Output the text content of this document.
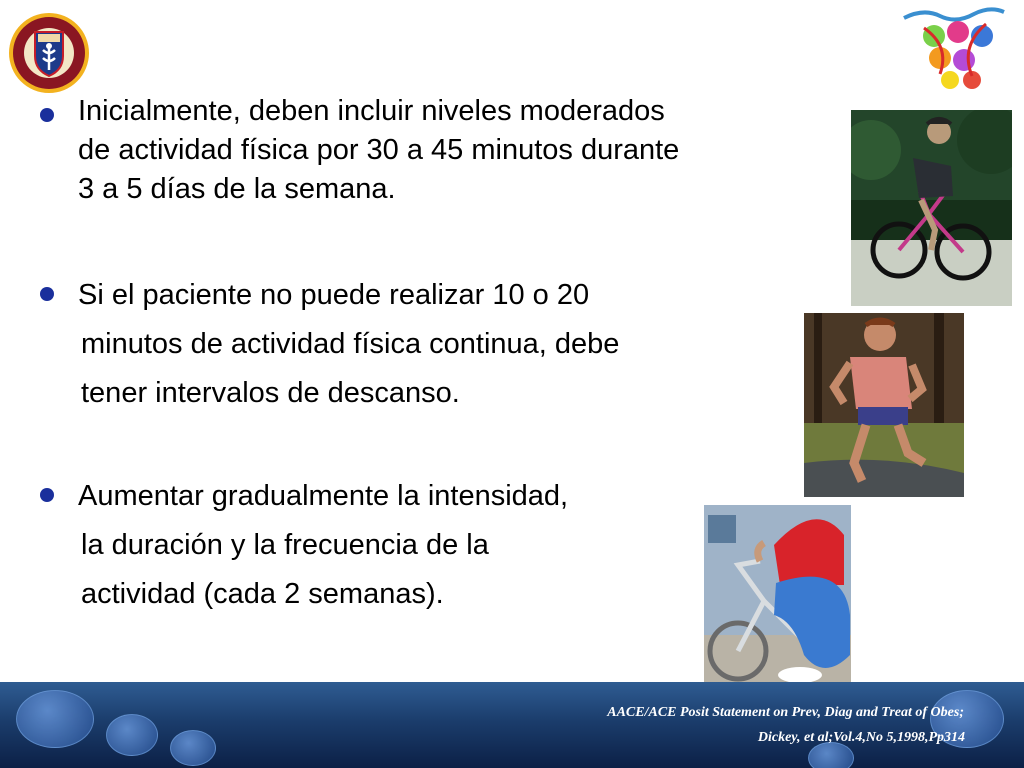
Inicialmente, deben incluir niveles moderados
de actividad física por 30 a 45 minutos durante
3 a 5 días de la semana.
Si el paciente no puede realizar 10 o 20
minutos de actividad física continua, debe
tener intervalos de descanso.
Aumentar gradualmente la intensidad,
la duración y la frecuencia de la
actividad (cada 2 semanas).
AACE/ACE Posit Statement on Prev, Diag and Treat of Obes;
Dickey, et al;Vol.4,No 5,1998,Pp314
